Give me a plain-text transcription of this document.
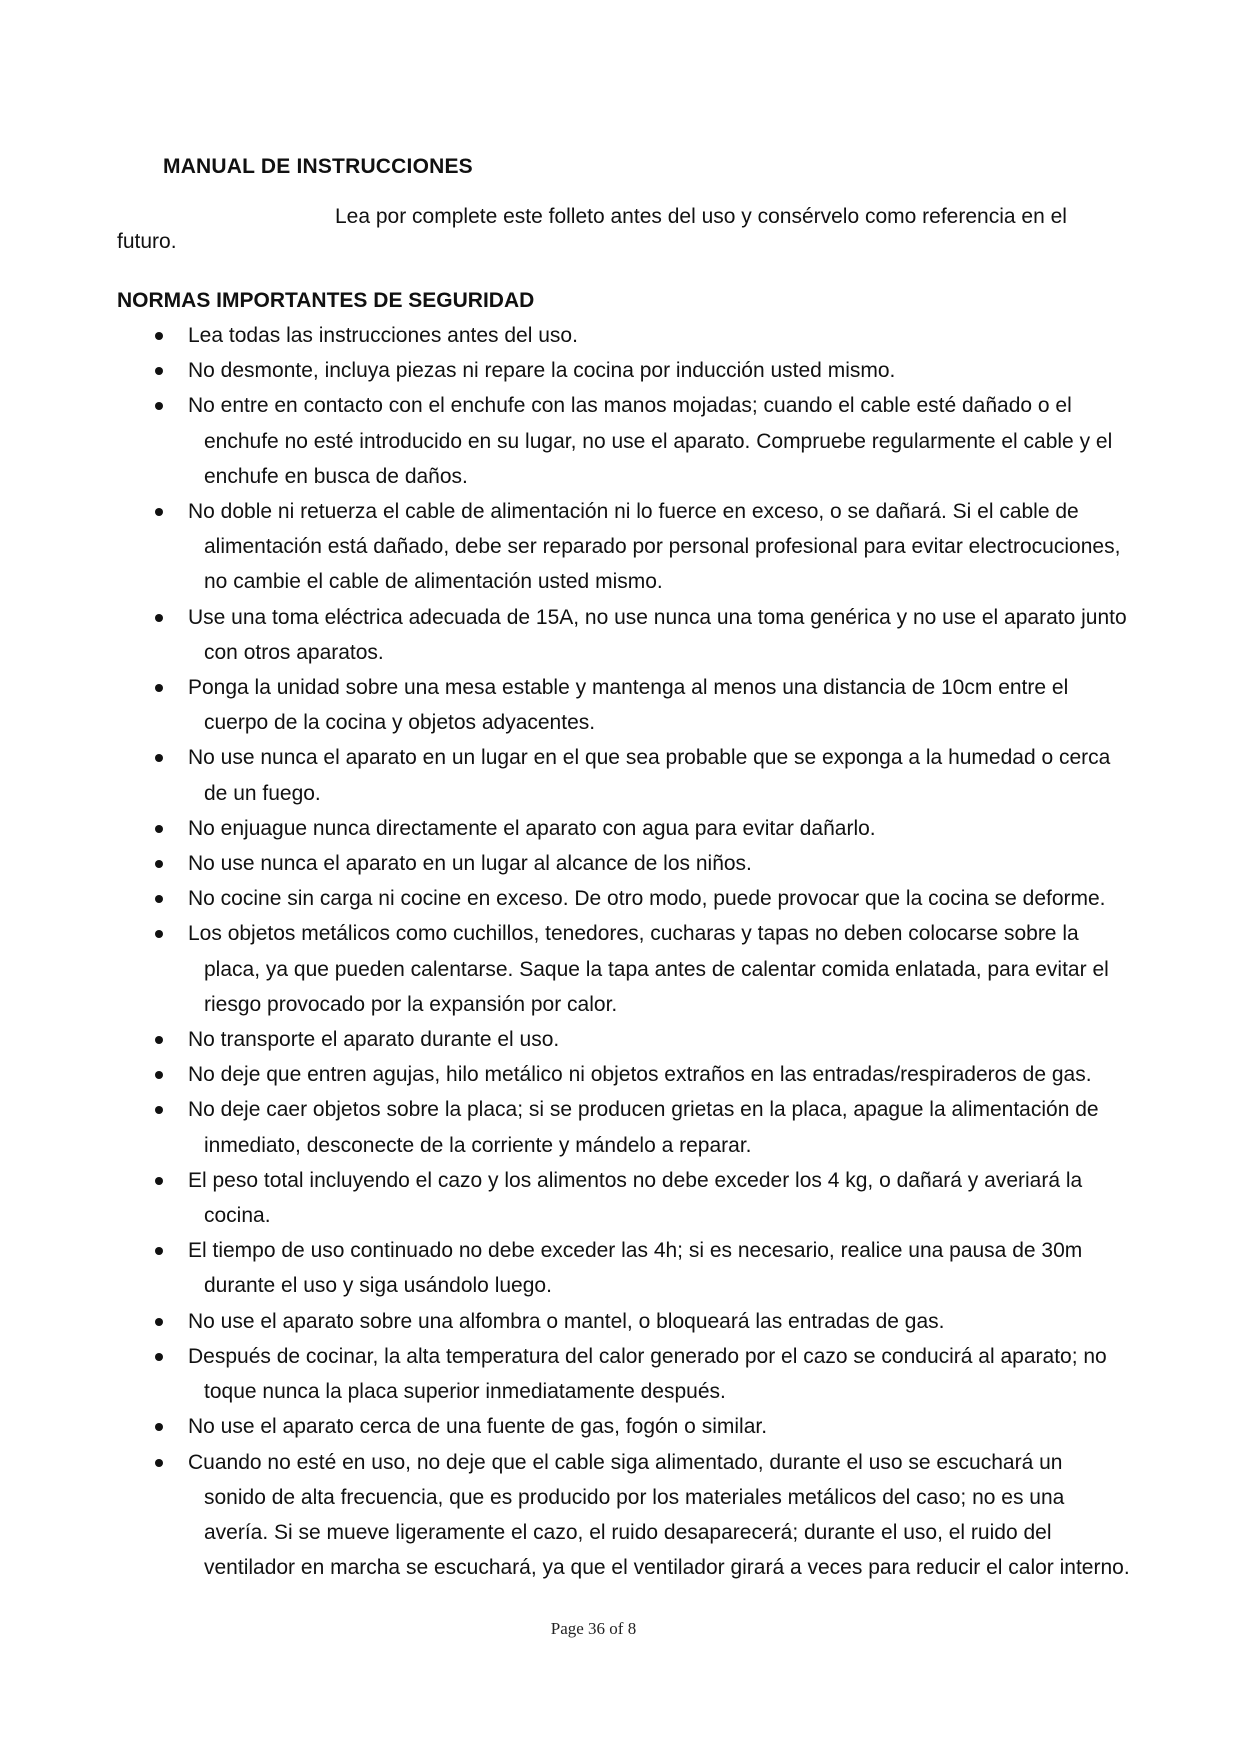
MANUAL DE INSTRUCCIONES
Lea por complete este folleto antes del uso y consérvelo como referencia en el
futuro.
NORMAS IMPORTANTES DE SEGURIDAD
Lea todas las instrucciones antes del uso.
No desmonte, incluya piezas ni repare la cocina por inducción usted mismo.
No entre en contacto con el enchufe con las manos mojadas; cuando el cable esté dañado o el enchufe no esté introducido en su lugar, no use el aparato. Compruebe regularmente el cable y el enchufe en busca de daños.
No doble ni retuerza el cable de alimentación ni lo fuerce en exceso, o se dañará. Si el cable de alimentación está dañado, debe ser reparado por personal profesional para evitar electrocuciones, no cambie el cable de alimentación usted mismo.
Use una toma eléctrica adecuada de 15A, no use nunca una toma genérica y no use el aparato junto con otros aparatos.
Ponga la unidad sobre una mesa estable y mantenga al menos una distancia de 10cm entre el cuerpo de la cocina y objetos adyacentes.
No use nunca el aparato en un lugar en el que sea probable que se exponga a la humedad o cerca de un fuego.
No enjuague nunca directamente el aparato con agua para evitar dañarlo.
No use nunca el aparato en un lugar al alcance de los niños.
No cocine sin carga ni cocine en exceso. De otro modo, puede provocar que la cocina se deforme.
Los objetos metálicos como cuchillos, tenedores, cucharas y tapas no deben colocarse sobre la placa, ya que pueden calentarse. Saque la tapa antes de calentar comida enlatada, para evitar el riesgo provocado por la expansión por calor.
No transporte el aparato durante el uso.
No deje que entren agujas, hilo metálico ni objetos extraños en las entradas/respiraderos de gas.
No deje caer objetos sobre la placa; si se producen grietas en la placa, apague la alimentación de inmediato, desconecte de la corriente y mándelo a reparar.
El peso total incluyendo el cazo y los alimentos no debe exceder los 4 kg, o dañará y averiará la cocina.
El tiempo de uso continuado no debe exceder las 4h; si es necesario, realice una pausa de 30m durante el uso y siga usándolo luego.
No use el aparato sobre una alfombra o mantel, o bloqueará las entradas de gas.
Después de cocinar, la alta temperatura del calor generado por el cazo se conducirá al aparato; no toque nunca la placa superior inmediatamente después.
No use el aparato cerca de una fuente de gas, fogón o similar.
Cuando no esté en uso, no deje que el cable siga alimentado, durante el uso se escuchará un sonido de alta frecuencia, que es producido por los materiales metálicos del caso; no es una avería. Si se mueve ligeramente el cazo, el ruido desaparecerá; durante el uso, el ruido del ventilador en marcha se escuchará, ya que el ventilador girará a veces para reducir el calor interno.
Page 36 of 8
